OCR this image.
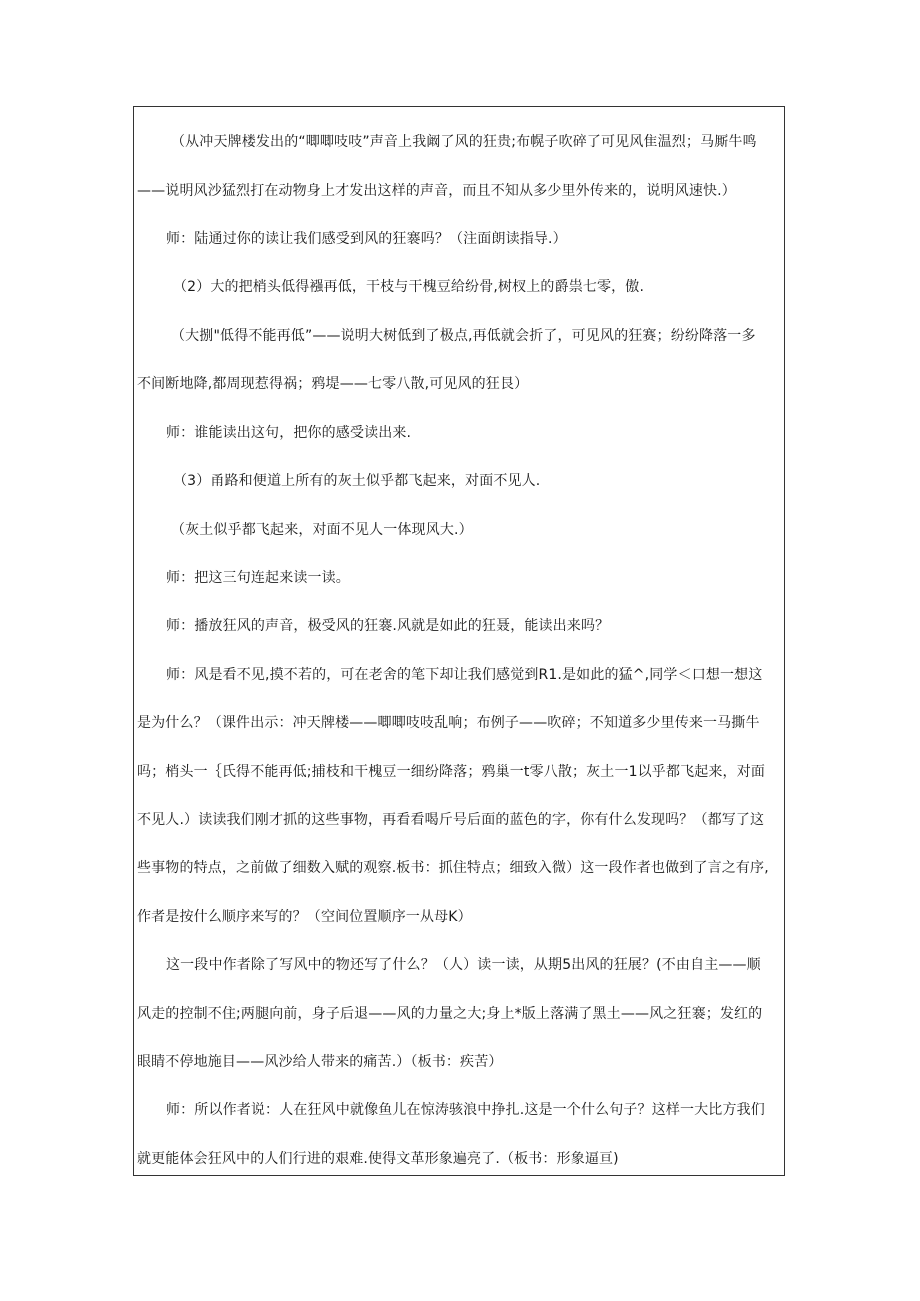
（从冲天牌楼发出的“唧唧吱吱”声音上我阚了风的狂贵;布幌子吹碎了可见风隹温烈；马厮牛鸣
——说明风沙猛烈打在动物身上才发出这样的声音，而且不知从多少里外传来的，说明风速快.）
师：陆通过你的读让我们感受到风的狂褰吗？（注面朗读指导.）
（2）大的把梢头低得襁再低，干枝与干槐豆给纷骨,树杈上的爵祟七零，傲.
（大捌"低得不能再低”——说明大树低到了极点,再低就会折了，可见风的狂赛；纷纷降落一多
不间断地降,都周现惹得祸；鸦堤——七零八散,可见风的狂艮）
师：谁能读出这句，把你的感受读出来.
（3）甬路和便道上所有的灰土似乎都飞起来，对面不见人.
（灰土似乎都飞起来，对面不见人一体现风大.）
师：把这三句连起来读一读。
师：播放狂风的声音，极受风的狂褰.风就是如此的狂聂，能读出来吗？
师：风是看不见,摸不若的，可在老舍的笔下却让我们感觉到R1.是如此的猛^,同学＜口想一想这
是为什么？（课件出示：冲天牌楼——唧唧吱吱乱响；布例子——吹碎；不知道多少里传来一马撕牛
吗；梢头一｛氏得不能再低;捕枝和干槐豆一细纷降落；鸦巢一t零八散；灰土一1以乎都飞起来，对面
不见人.）读读我们刚才抓的这些事物，再看看喝斤号后面的蓝色的字，你有什么发现吗？（都写了这
些事物的特点，之前做了细数入赋的观察.板书：抓住特点；细致入微）这一段作者也做到了言之有序,
作者是按什么顺序来写的？（空间位置顺序一从母K）
这一段中作者除了写风中的物还写了什么？（人）读一读，从期5出风的狂展？(不由自主——顺
风走的控制不住;两腿向前，身子后退——风的力量之大;身上*版上落满了黑土——风之狂褰；发红的
眼睛不停地施目——风沙给人带来的痛苦.）（板书：疾苦）
师：所以作者说：人在狂风中就像鱼儿在惊涛骇浪中挣扎.这是一个什么句子？这样一大比方我们
就更能体会狂风中的人们行进的艰难.使得文革形象遍亮了.（板书：形象逼亘)
